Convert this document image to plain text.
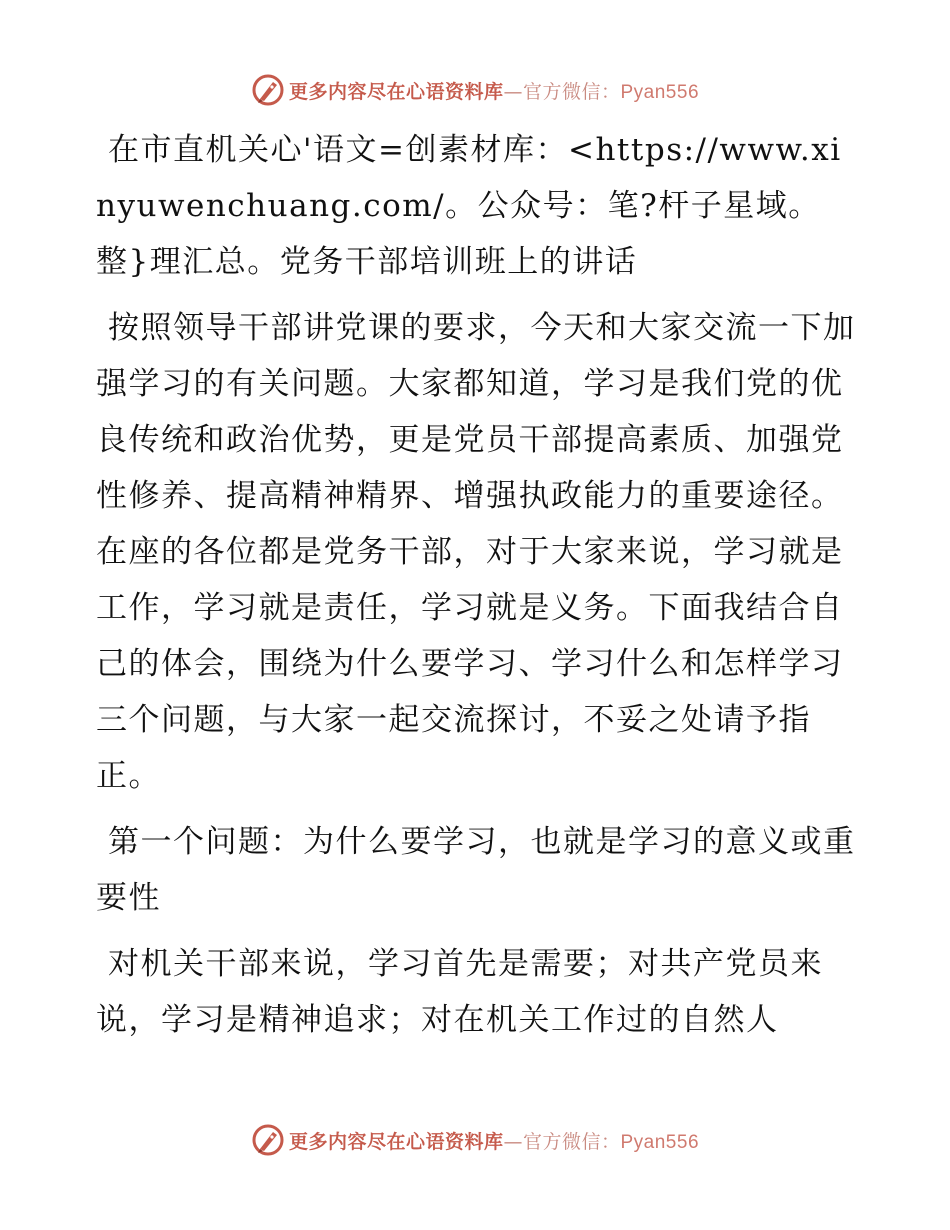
更多内容尽在心语资料库—官方微信：Pyan556

在市直机关心'语文=创素材库：<https://www.xinyuwenchuang.com/。公众号：笔?杆子星域。整}理汇总。党务干部培训班上的讲话

按照领导干部讲党课的要求，今天和大家交流一下加强学习的有关问题。大家都知道，学习是我们党的优良传统和政治优势，更是党员干部提高素质、加强党性修养、提高精神精界、增强执政能力的重要途径。在座的各位都是党务干部，对于大家来说，学习就是工作，学习就是责任，学习就是义务。下面我结合自己的体会，围绕为什么要学习、学习什么和怎样学习三个问题，与大家一起交流探讨，不妥之处请予指正。

第一个问题：为什么要学习，也就是学习的意义或重要性

对机关干部来说，学习首先是需要；对共产党员来说，学习是精神追求；对在机关工作过的自然人

更多内容尽在心语资料库—官方微信：Pyan556
